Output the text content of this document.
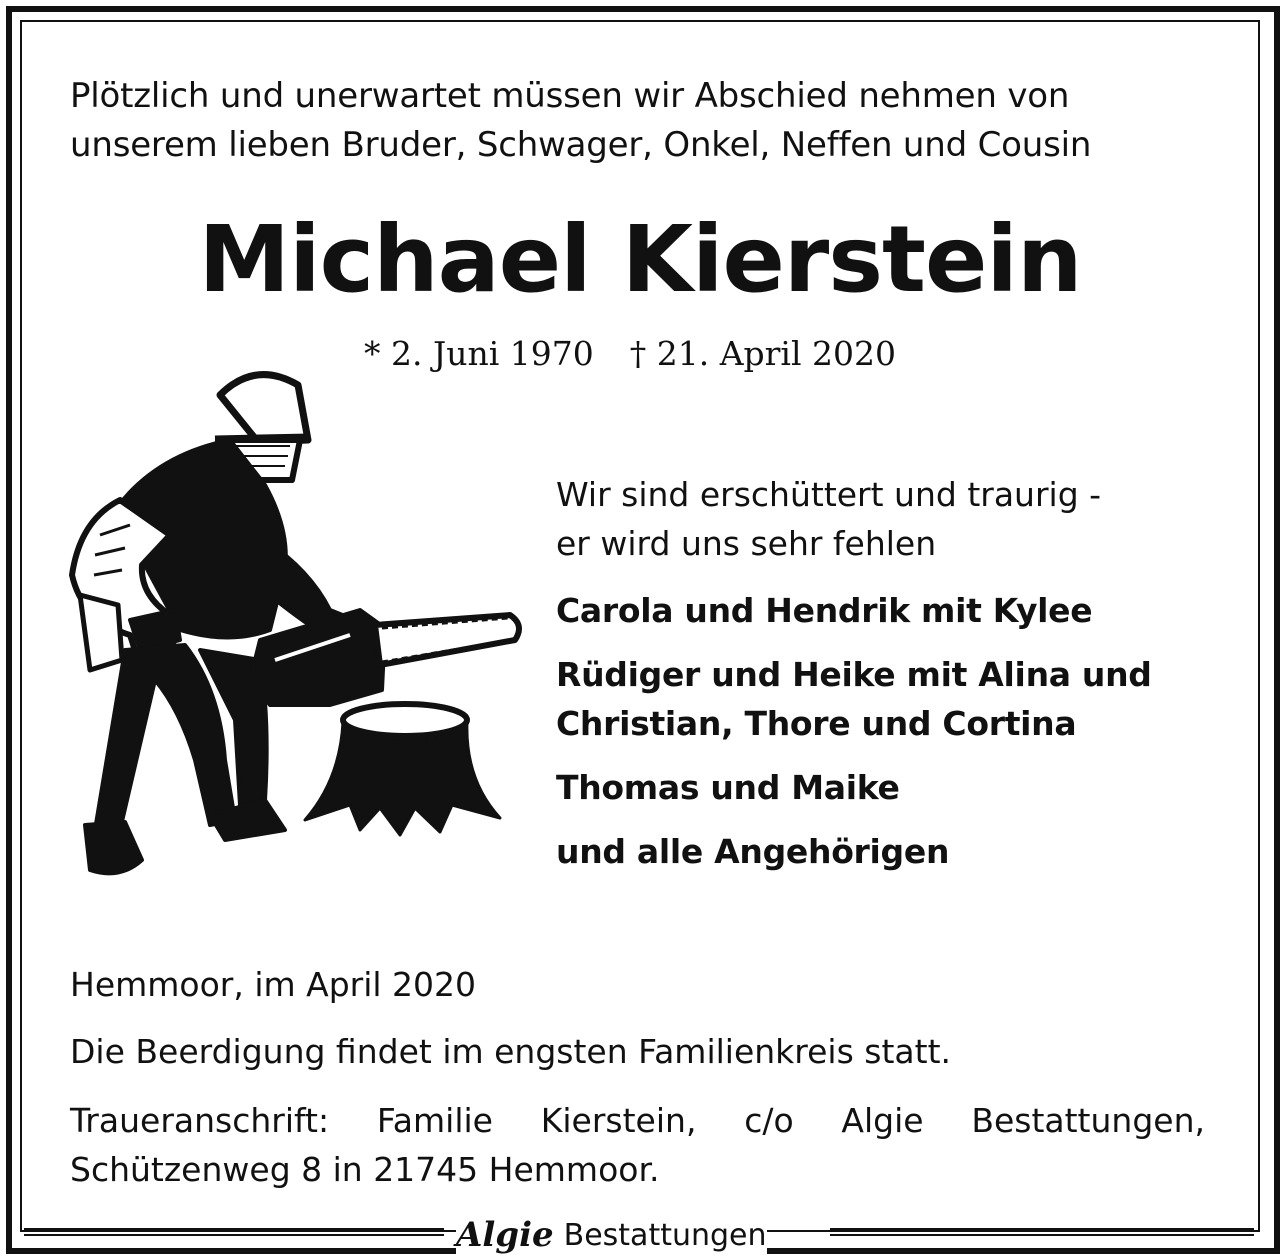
Plötzlich und unerwartet müssen wir Abschied nehmen von
unserem lieben Bruder, Schwager, Onkel, Neffen und Cousin
Michael Kierstein
* 2. Juni 1970 † 21. April 2020
Wir sind erschüttert und traurig -
er wird uns sehr fehlen
Carola und Hendrik mit Kylee
Rüdiger und Heike mit Alina und
Christian, Thore und Cortina
Thomas und Maike
und alle Angehörigen
Hemmoor, im April 2020
Die Beerdigung findet im engsten Familienkreis statt.
Traueranschrift: Familie Kierstein, c/o Algie Bestattungen,
Schützenweg 8 in 21745 Hemmoor.
Algie Bestattungen
